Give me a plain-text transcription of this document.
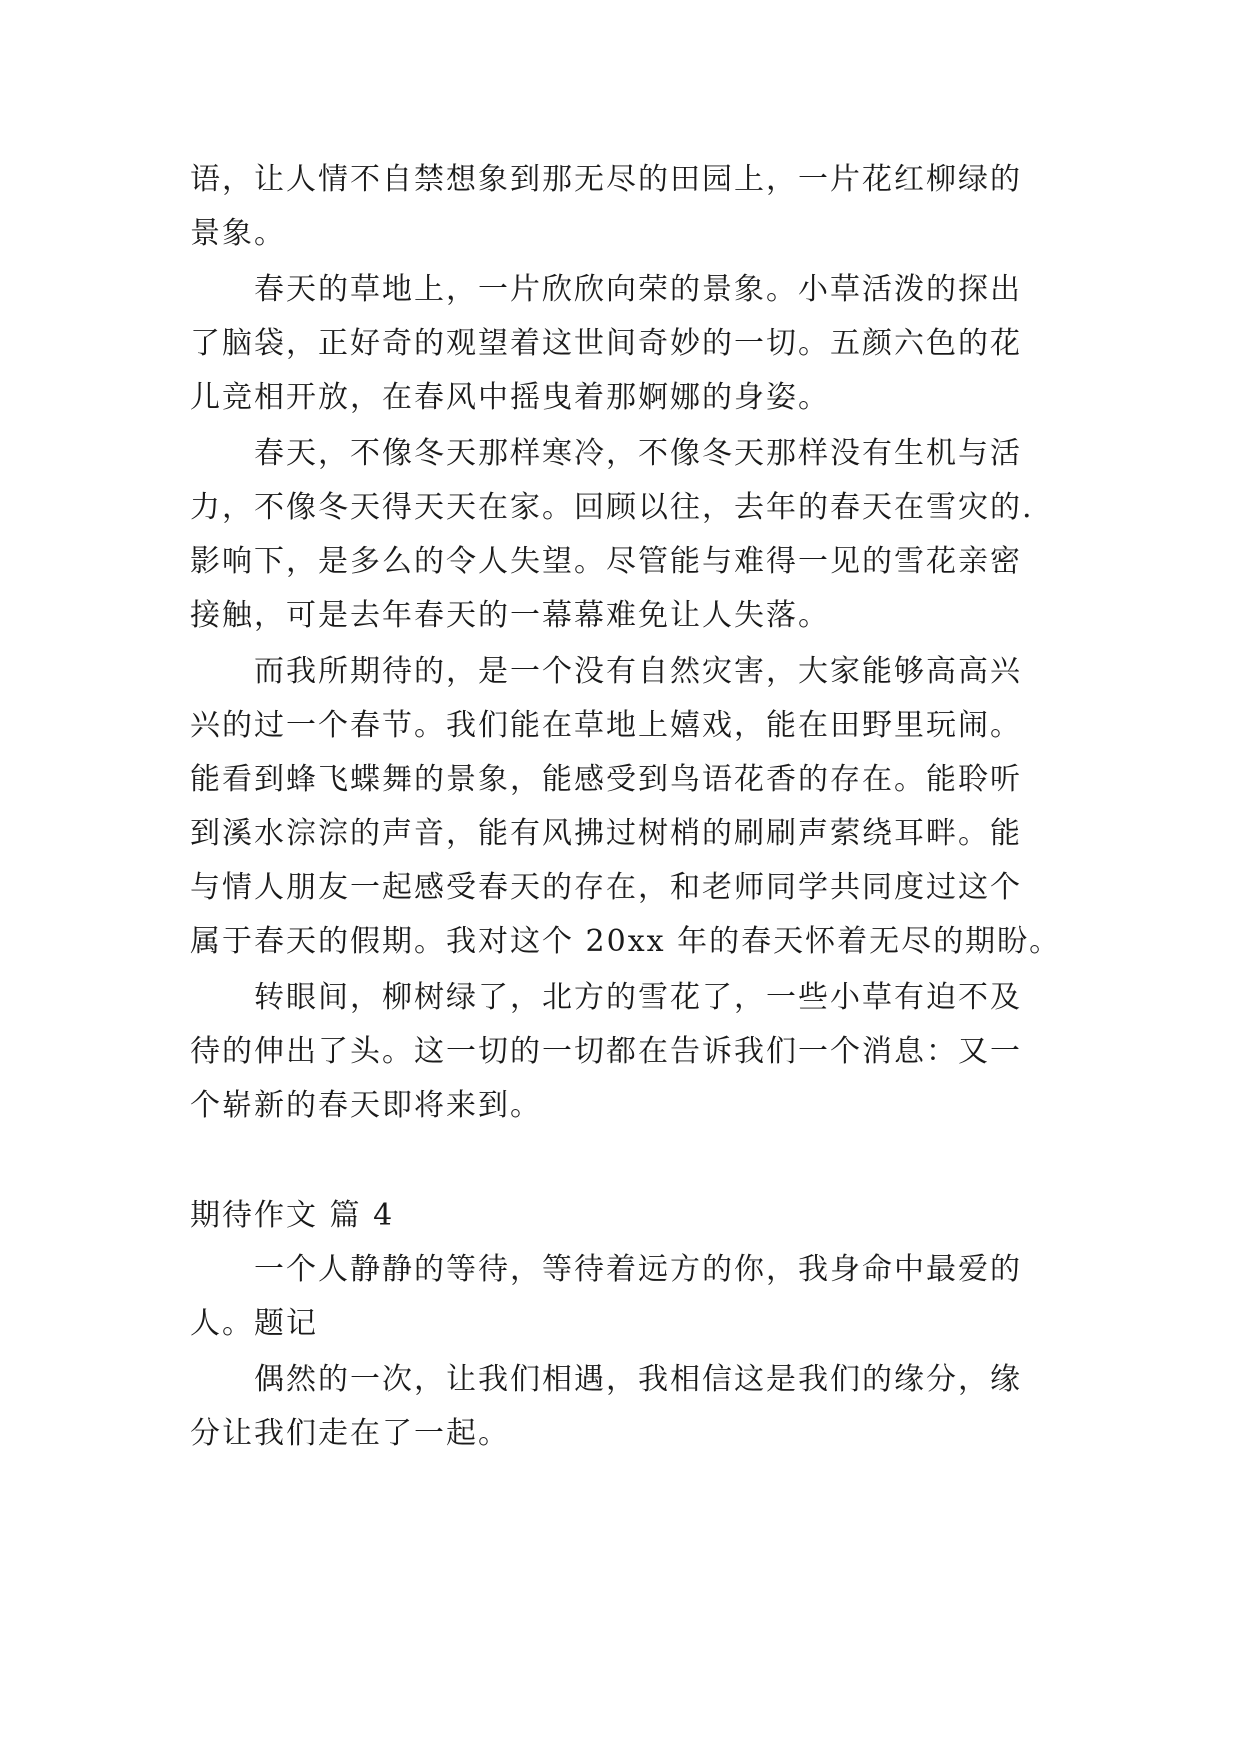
语，让人情不自禁想象到那无尽的田园上，一片花红柳绿的
景象。
春天的草地上，一片欣欣向荣的景象。小草活泼的探出
了脑袋，正好奇的观望着这世间奇妙的一切。五颜六色的花
儿竞相开放，在春风中摇曳着那婀娜的身姿。
春天，不像冬天那样寒冷，不像冬天那样没有生机与活
力，不像冬天得天天在家。回顾以往，去年的春天在雪灾的.
影响下，是多么的令人失望。尽管能与难得一见的雪花亲密
接触，可是去年春天的一幕幕难免让人失落。
而我所期待的，是一个没有自然灾害，大家能够高高兴
兴的过一个春节。我们能在草地上嬉戏，能在田野里玩闹。
能看到蜂飞蝶舞的景象，能感受到鸟语花香的存在。能聆听
到溪水淙淙的声音，能有风拂过树梢的刷刷声萦绕耳畔。能
与情人朋友一起感受春天的存在，和老师同学共同度过这个
属于春天的假期。我对这个 20xx 年的春天怀着无尽的期盼。
转眼间，柳树绿了，北方的雪花了，一些小草有迫不及
待的伸出了头。这一切的一切都在告诉我们一个消息：又一
个崭新的春天即将来到。
期待作文 篇 4
一个人静静的等待，等待着远方的你，我身命中最爱的
人。题记
偶然的一次，让我们相遇，我相信这是我们的缘分，缘
分让我们走在了一起。
